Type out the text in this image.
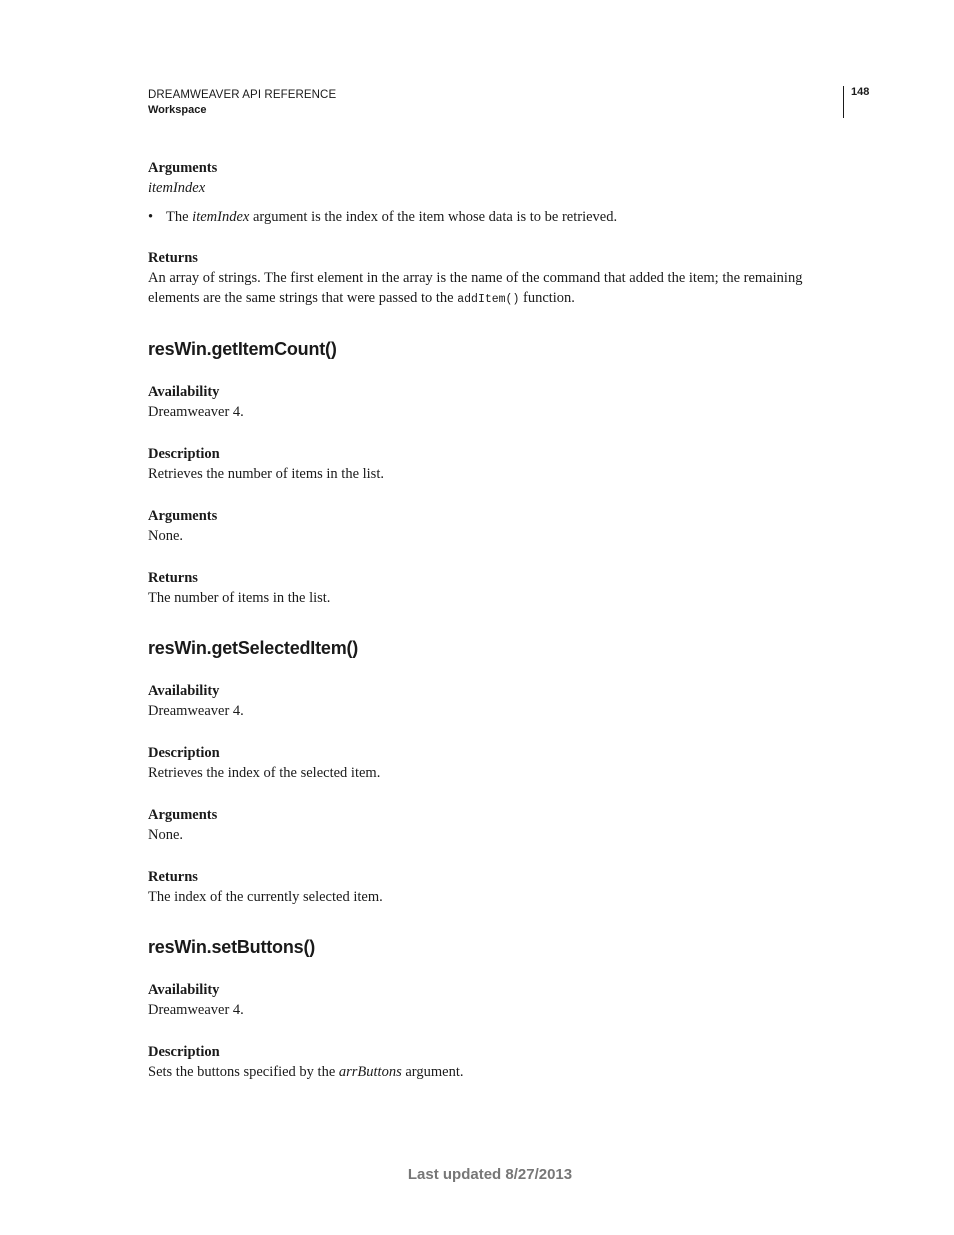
DREAMWEAVER API REFERENCE
Workspace
148

Arguments

itemIndex

• The itemIndex argument is the index of the item whose data is to be retrieved.

Returns

An array of strings. The first element in the array is the name of the command that added the item; the remaining

elements are the same strings that were passed to the addItem() function.

resWin.getItemCount()

Availability

Dreamweaver 4.

Description

Retrieves the number of items in the list.

Arguments

None.

Returns

The number of items in the list.

resWin.getSelectedItem()

Availability

Dreamweaver 4.

Description

Retrieves the index of the selected item.

Arguments

None.

Returns

The index of the currently selected item.

resWin.setButtons()

Availability

Dreamweaver 4.

Description

Sets the buttons specified by the arrButtons argument.

Last updated 8/27/2013
